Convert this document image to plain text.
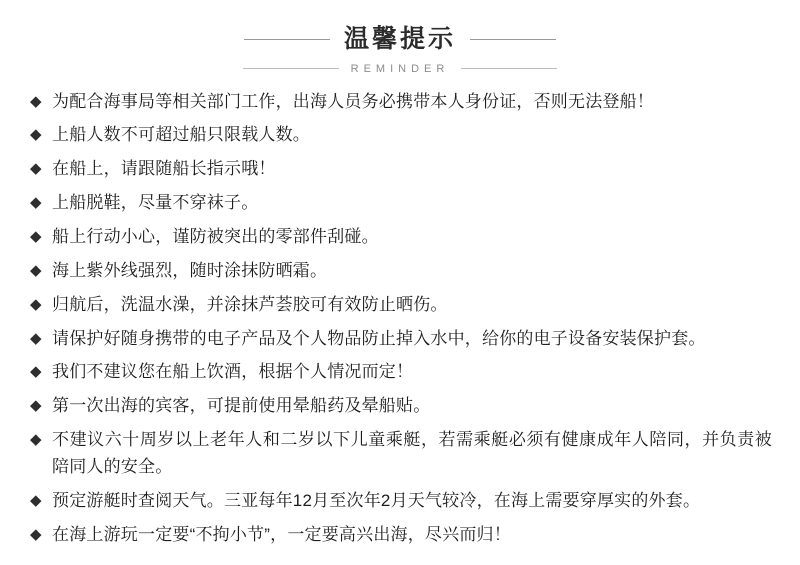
温馨提示
REMINDER
◆ 为配合海事局等相关部门工作，出海人员务必携带本人身份证，否则无法登船！
◆ 上船人数不可超过船只限载人数。
◆ 在船上，请跟随船长指示哦！
◆ 上船脱鞋，尽量不穿袜子。
◆ 船上行动小心，谨防被突出的零部件刮碰。
◆ 海上紫外线强烈，随时涂抹防晒霜。
◆ 归航后，洗温水澡，并涂抹芦荟胶可有效防止晒伤。
◆ 请保护好随身携带的电子产品及个人物品防止掉入水中，给你的电子设备安装保护套。
◆ 我们不建议您在船上饮酒，根据个人情况而定！
◆ 第一次出海的宾客，可提前使用晕船药及晕船贴。
◆ 不建议六十周岁以上老年人和二岁以下儿童乘艇，若需乘艇必须有健康成年人陪同，并负责被陪同人的安全。
◆ 预定游艇时查阅天气。三亚每年12月至次年2月天气较冷，在海上需要穿厚实的外套。
◆ 在海上游玩一定要“不拘小节”，一定要高兴出海，尽兴而归！
